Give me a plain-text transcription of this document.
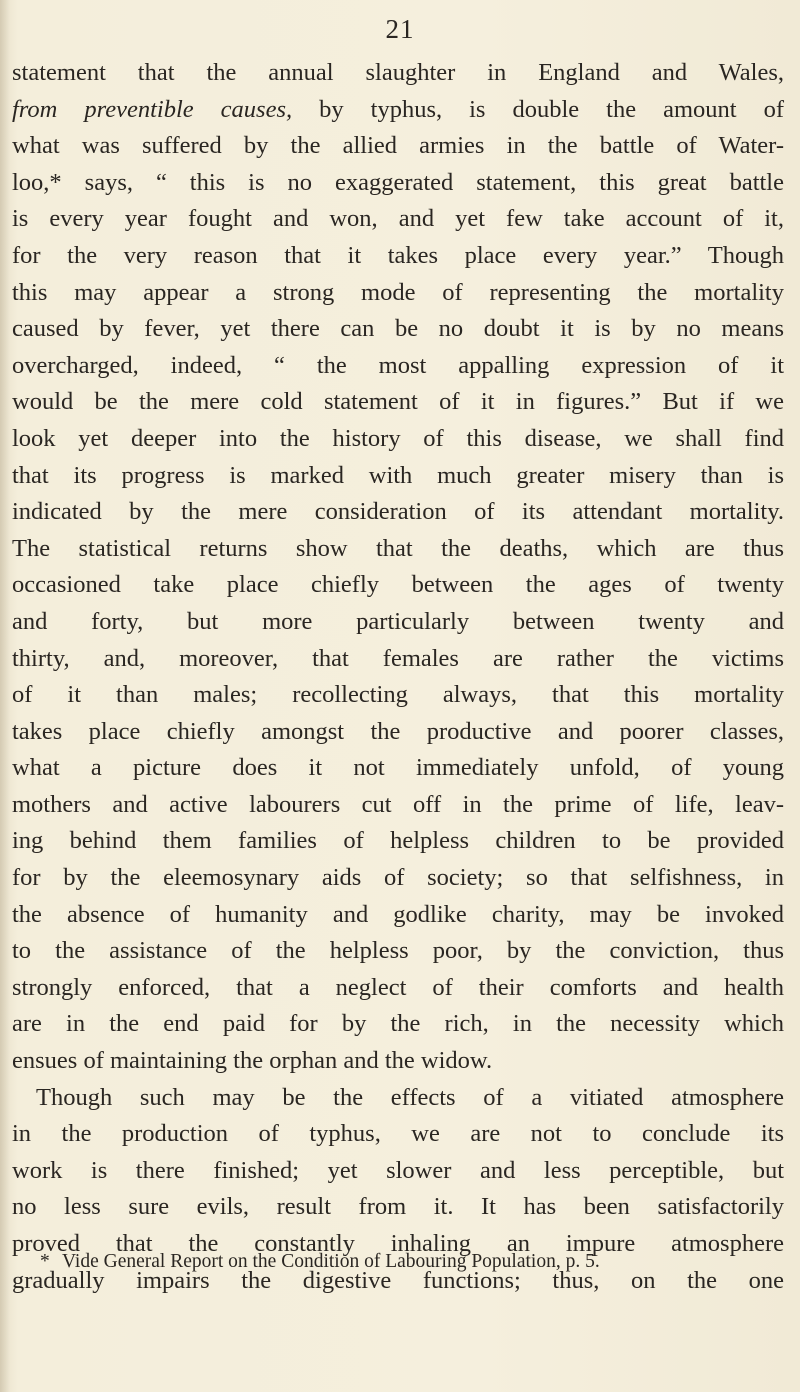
21
statement that the annual slaughter in England and Wales,
from preventible causes, by typhus, is double the amount of
what was suffered by the allied armies in the battle of Water-
loo,* says, “ this is no exaggerated statement, this great battle
is every year fought and won, and yet few take account of it,
for the very reason that it takes place every year.” Though
this may appear a strong mode of representing the mortality
caused by fever, yet there can be no doubt it is by no means
overcharged, indeed, “ the most appalling expression of it
would be the mere cold statement of it in figures.” But if we
look yet deeper into the history of this disease, we shall find
that its progress is marked with much greater misery than is
indicated by the mere consideration of its attendant mortality.
The statistical returns show that the deaths, which are thus
occasioned take place chiefly between the ages of twenty
and forty, but more particularly between twenty and
thirty, and, moreover, that females are rather the victims
of it than males; recollecting always, that this mortality
takes place chiefly amongst the productive and poorer classes,
what a picture does it not immediately unfold, of young
mothers and active labourers cut off in the prime of life, leav-
ing behind them families of helpless children to be provided
for by the eleemosynary aids of society; so that selfishness, in
the absence of humanity and godlike charity, may be invoked
to the assistance of the helpless poor, by the conviction, thus
strongly enforced, that a neglect of their comforts and health
are in the end paid for by the rich, in the necessity which
ensues of maintaining the orphan and the widow.
Though such may be the effects of a vitiated atmosphere
in the production of typhus, we are not to conclude its
work is there finished; yet slower and less perceptible, but
no less sure evils, result from it. It has been satisfactorily
proved that the constantly inhaling an impure atmosphere
gradually impairs the digestive functions; thus, on the one
* Vide General Report on the Condition of Labouring Population, p. 5.
